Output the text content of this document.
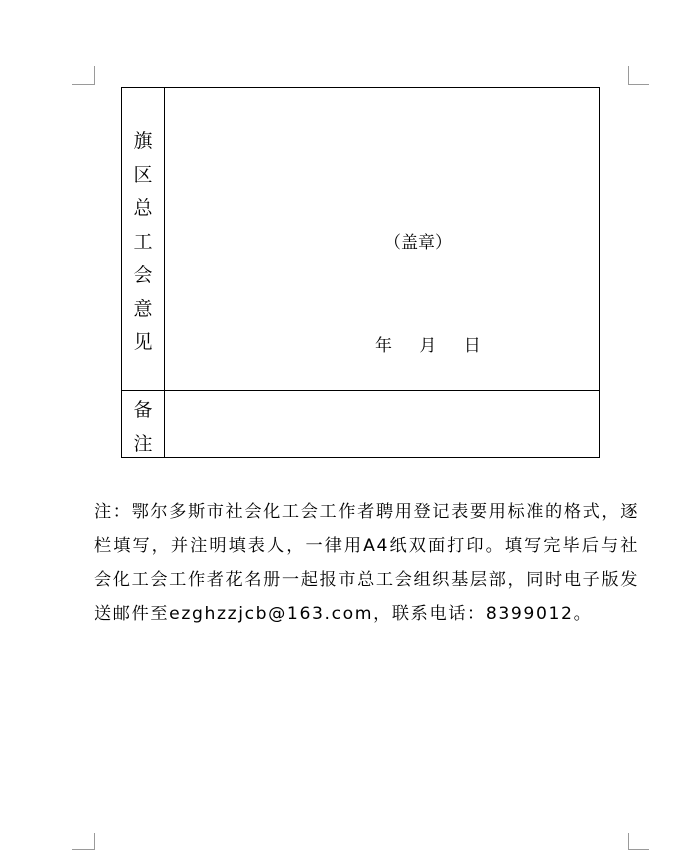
旗
区
总
工
会
意
见
（盖章）
年 月 日
备
注
注：鄂尔多斯市社会化工会工作者聘用登记表要用标准的格式，逐栏填写，并注明填表人，一律用A4纸双面打印。填写完毕后与社会化工会工作者花名册一起报市总工会组织基层部，同时电子版发送邮件至ezghzzjcb@163.com，联系电话：8399012。
